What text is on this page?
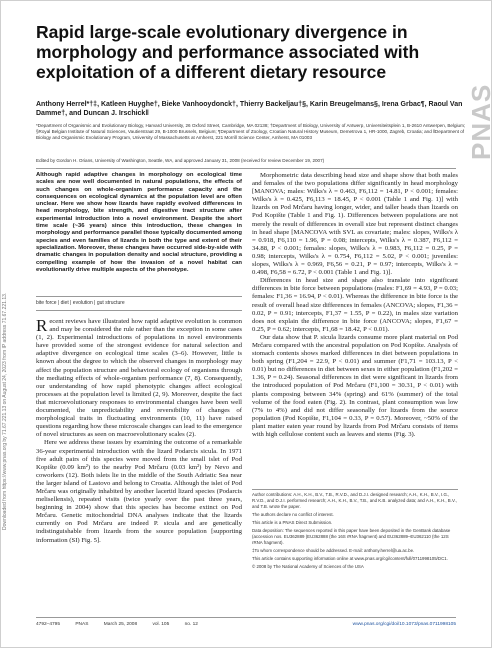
PNAS
Downloaded from https://www.pnas.org by 71.67.221.13 on August 24, 2023 from IP address 71.67.221.13.
Rapid large-scale evolutionary divergence in morphology and performance associated with exploitation of a different dietary resource
Anthony Herrel*†‡, Katleen Huyghe†, Bieke Vanhooydonck†, Thierry Backeljau†§, Karin Breugelmans§, Irena Grbac¶, Raoul Van Damme†, and Duncan J. Irschick‖
*Department of Organismic and Evolutionary Biology, Harvard University, 26 Oxford Street, Cambridge, MA 02138; †Department of Biology, University of Antwerp, Universiteitsplein 1, B-2610 Antwerpen, Belgium; §Royal Belgian Institute of Natural Sciences, Vautierstraat 29, B-1000 Brussels, Belgium; ¶Department of Zoology, Croatian Natural History Museum, Demetrova 1, HR-1000, Zagreb, Croatia; and ‖Department of Biology and Organismic Evolutionary Program, University of Massachusetts at Amherst, 221 Morrill Science Center, Amherst, MA 01003
Edited by Gordon H. Orians, University of Washington, Seattle, WA, and approved January 31, 2008 (received for review December 19, 2007)
Although rapid adaptive changes in morphology on ecological time scales are now well documented in natural populations, the effects of such changes on whole-organism performance capacity and the consequences on ecological dynamics at the population level are often unclear. Here we show how lizards have rapidly evolved differences in head morphology, bite strength, and digestive tract structure after experimental introduction into a novel environment. Despite the short time scale (~36 years) since this introduction, these changes in morphology and performance parallel those typically documented among species and even families of lizards in both the type and extent of their specialization. Moreover, these changes have occurred side-by-side with dramatic changes in population density and social structure, providing a compelling example of how the invasion of a novel habitat can evolutionarily drive multiple aspects of the phenotype.
bite force | diet | evolution | gut structure

Recent reviews have illustrated how rapid adaptive evolution is common and may be considered the rule rather than the exception in some cases (1, 2). Experimental introductions of populations in novel environments have provided some of the strongest evidence for natural selection and adaptive divergence on ecological time scales (3–6). However, little is known about the degree to which the observed changes in morphology may affect the population structure and behavioral ecology of organisms through the mediating effects of whole-organism performance (7, 8). Consequently, our understanding of how rapid phenotypic changes affect ecological processes at the population level is limited (2, 9). Moreover, despite the fact that microevolutionary responses to environmental changes have been well documented, the unpredictability and reversibility of changes of morphological traits in fluctuating environments (10, 11) have raised questions regarding how these microscale changes can lead to the emergence of novel structures as seen on macroevolutionary scales (2).

Here we address these issues by examining the outcome of a remarkable 36-year experimental introduction with the lizard Podarcis sicula. In 1971 five adult pairs of this species were moved from the small islet of Pod Kopište (0.09 km²) to the nearby Pod Mrčaru (0.03 km²) by Nevo and coworkers (12). Both islets lie in the middle of the South Adriatic Sea near the larger island of Lastovo and belong to Croatia. Although the islet of Pod Mrčaru was originally inhabited by another lacertid lizard species (Podarcis melisellensis), repeated visits (twice yearly over the past three years, beginning in 2004) show that this species has become extinct on Pod Mrčaru. Genetic mitochondrial DNA analyses indicate that the lizards currently on Pod Mrčaru are indeed P. sicula and are genetically indistinguishable from lizards from the source population [supporting information (SI) Fig. 5].

Morphometric data describing head size and shape show that both males and females of the two populations differ significantly in head morphology [MANOVA; males: Wilks's λ = 0.463, F6,112 = 14.81, P < 0.001; females: Wilks's λ = 0.425, F6,113 = 18.45, P < 0.001 (Table 1 and Fig. 1)] with lizards on Pod Mrčaru having longer, wider, and taller heads than lizards on Pod Kopište (Table 1 and Fig. 1). Differences between populations are not merely the result of differences in overall size but represent distinct changes in head shape [MANCOVA with SVL as covariate; males: slopes, Wilks's λ = 0.918, F6,110 = 1.96, P = 0.08; intercepts, Wilks's λ = 0.387, F6,112 = 34.88, P < 0.001; females: slopes, Wilks's λ = 0.983, F6,112 = 0.25, P = 0.98; intercepts, Wilks's λ = 0.754, F6,112 = 5.02, P < 0.001; juveniles: slopes, Wilks's λ = 0.969, F6,56 = 0.21, P = 0.97; intercepts, Wilks's λ = 0.498, F6,58 = 6.72, P < 0.001 (Table 1 and Fig. 1)].

Differences in head size and shape also translate into significant differences in bite force between populations (males: F1,69 = 4.93, P = 0.03; females: F1,36 = 16.94, P < 0.01). Whereas the difference in bite force is the result of overall head size differences in females (ANCOVA; slopes, F1,36 = 0.02, P = 0.91; intercepts, F1,37 = 1.55, P = 0.22), in males size variation does not explain the difference in bite force (ANCOVA; slopes, F1,67 = 0.25, P = 0.62; intercepts, F1,68 = 18.42, P < 0.01).

Our data show that P. sicula lizards consume more plant material on Pod Mrčaru compared with the ancestral population on Pod Kopište. Analysis of stomach contents shows marked differences in diet between populations in both spring (F1,204 = 22.9, P < 0.01) and summer (F1,71 = 103.13, P < 0.01) but no differences in diet between sexes in either population (F1,202 = 1.36, P = 0.24). Seasonal differences in diet were significant in lizards from the introduced population of Pod Mrčaru (F1,100 = 30.31, P < 0.01) with plants composing between 34% (spring) and 61% (summer) of the total volume of the food eaten (Fig. 2). In contrast, plant consumption was low (7% to 4%) and did not differ seasonally for lizards from the source population (Pod Kopište, F1,104 = 0.33, P = 0.57). Moreover, ~50% of the plant matter eaten year round by lizards from Pod Mrčaru consists of items with high cellulose content such as leaves and stems (Fig. 3).

Author contributions: A.H., K.H., B.V., T.B., R.V.D., and D.J.I. designed research; A.H., K.H., B.V., I.G., R.V.D., and D.J.I. performed research; A.H., K.H., B.V., T.B., and K.B. analyzed data; and A.H., K.H., B.V., and T.B. wrote the paper.

The authors declare no conflict of interest.

This article is a PNAS Direct Submission.

Data deposition: The sequences reported in this paper have been deposited in the GenBank database (accession nos. EU362889 (EU362888 (the 16S rRNA fragment) and EU362889–EU362110 (the 12S rRNA fragment).

‡To whom correspondence should be addressed. E-mail: anthony.herrel@ua.ac.be.

This article contains supporting information online at www.pnas.org/cgi/content/full/0711998105/DC1.

© 2008 by The National Academy of Sciences of the USA

4792–4795	PNAS	March 25, 2008	vol. 105	no. 12	www.pnas.org/cgi/doi/10.1073/pnas.0711998105
